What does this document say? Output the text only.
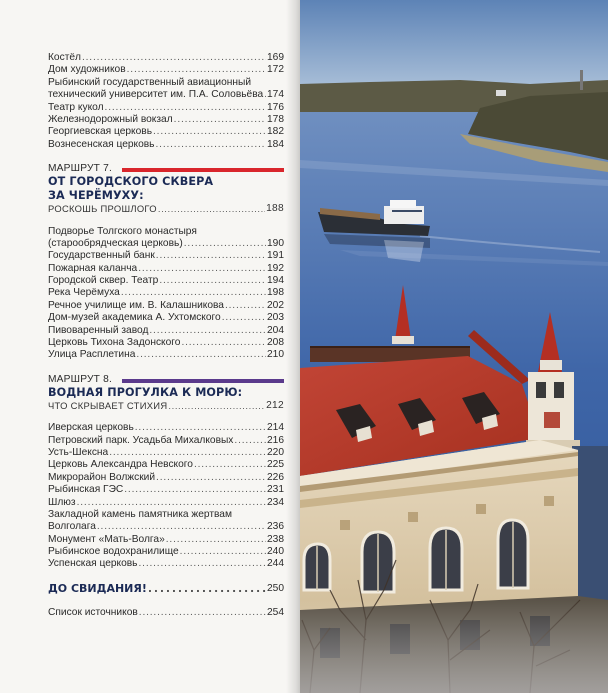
Костёл . . .	169
Дом художников . . .	172
Рыбинский государственный авиационный
технический университет им. П.А. Соловьёва . . . 174
Театр кукол . . .	176
Железнодорожный вокзал . . .	178
Георгиевская церковь . . .	182
Вознесенская церковь . . .	184
МАРШРУТ 7.
ОТ ГОРОДСКОГО СКВЕРА
ЗА ЧЕРЁМУХУ:
РОСКОШЬ ПРОШЛОГО . . .	188
Подворье Толгского монастыря
(старообрядческая церковь) . . .	190
Государственный банк . . .	191
Пожарная каланча . . .	192
Городской сквер. Театр . . .	194
Река Черёмуха . . .	198
Речное училище им. В. Калашникова . . .	202
Дом-музей академика А. Ухтомского . . .	203
Пивоваренный завод . . .	204
Церковь Тихона Задонского . . .	208
Улица Расплетина . . .	210
МАРШРУТ 8.
ВОДНАЯ ПРОГУЛКА К МОРЮ:
ЧТО СКРЫВАЕТ СТИХИЯ . . .	212
Иверская церковь . . .	214
Петровский парк. Усадьба Михалковых . . .	216
Усть-Шексна . . .	220
Церковь Александра Невского . . .	225
Микрорайон Волжский . . .	226
Рыбинская ГЭС . . .	231
Шлюз . . .	234
Закладной камень памятника жертвам
Волголага . . .	236
Монумент «Мать-Волга» . . .	238
Рыбинское водохранилище . . .	240
Успенская церковь . . .	244
ДО СВИДАНИЯ! . . .	250
Список источников . . .	254
